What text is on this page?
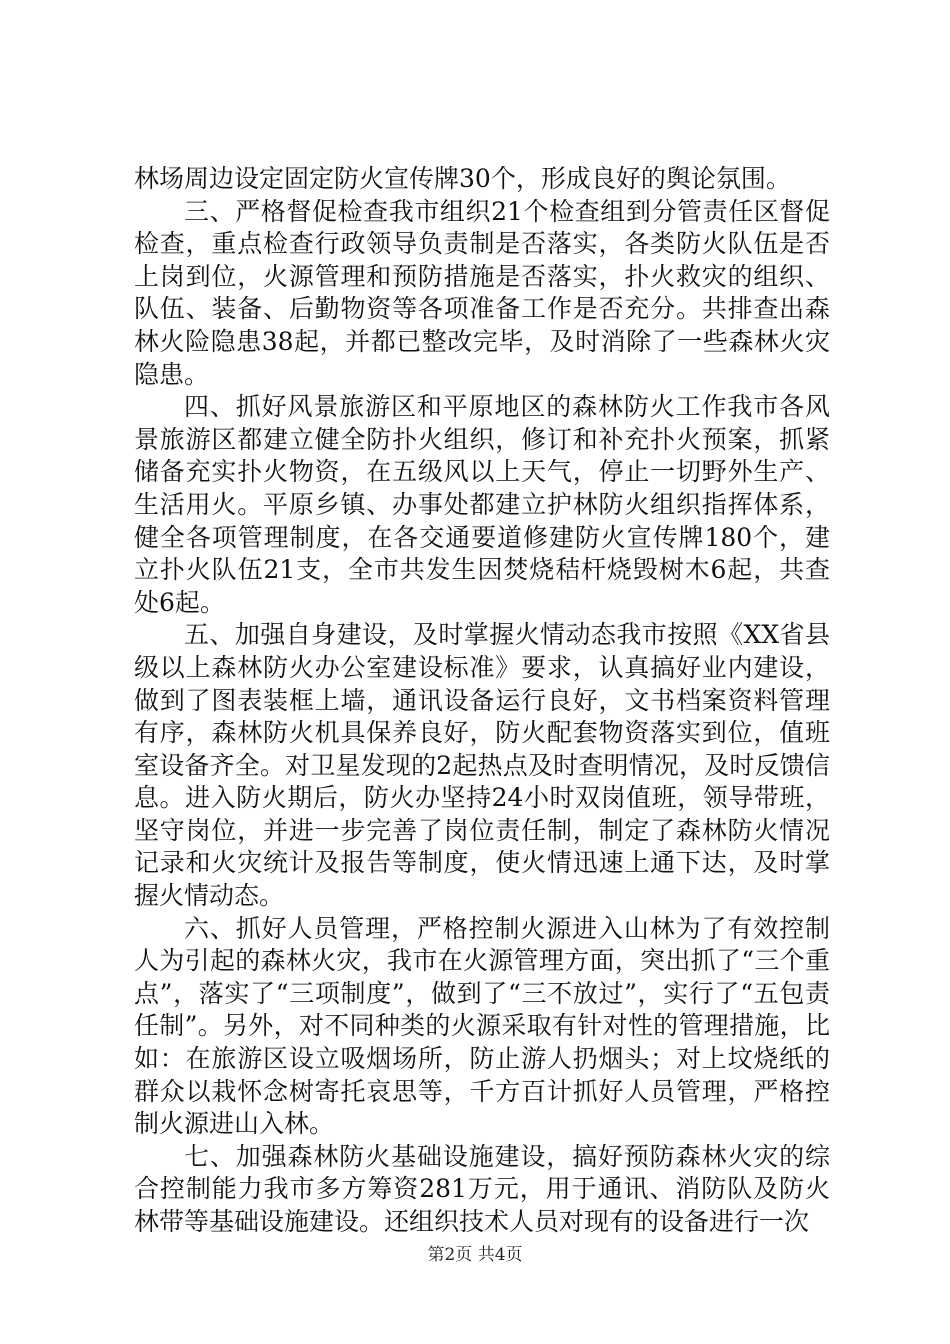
林场周边设定固定防火宣传牌30个，形成良好的舆论氛围。

三、严格督促检查我市组织21个检查组到分管责任区督促检查，重点检查行政领导负责制是否落实，各类防火队伍是否上岗到位，火源管理和预防措施是否落实，扑火救灾的组织、队伍、装备、后勤物资等各项准备工作是否充分。共排查出森林火险隐患38起，并都已整改完毕，及时消除了一些森林火灾隐患。

四、抓好风景旅游区和平原地区的森林防火工作我市各风景旅游区都建立健全防扑火组织，修订和补充扑火预案，抓紧储备充实扑火物资，在五级风以上天气，停止一切野外生产、生活用火。平原乡镇、办事处都建立护林防火组织指挥体系，健全各项管理制度，在各交通要道修建防火宣传牌180个，建立扑火队伍21支，全市共发生因焚烧秸杆烧毁树木6起，共查处6起。

五、加强自身建设，及时掌握火情动态我市按照《XX省县级以上森林防火办公室建设标准》要求，认真搞好业内建设，做到了图表装框上墙，通讯设备运行良好，文书档案资料管理有序，森林防火机具保养良好，防火配套物资落实到位，值班室设备齐全。对卫星发现的2起热点及时查明情况，及时反馈信息。进入防火期后，防火办坚持24小时双岗值班，领导带班，坚守岗位，并进一步完善了岗位责任制，制定了森林防火情况记录和火灾统计及报告等制度，使火情迅速上通下达，及时掌握火情动态。

六、抓好人员管理，严格控制火源进入山林为了有效控制人为引起的森林火灾，我市在火源管理方面，突出抓了“三个重点”，落实了“三项制度”，做到了“三不放过”，实行了“五包责任制”。另外，对不同种类的火源采取有针对性的管理措施，比如：在旅游区设立吸烟场所，防止游人扔烟头；对上坟烧纸的群众以栽怀念树寄托哀思等，千方百计抓好人员管理，严格控制火源进山入林。

七、加强森林防火基础设施建设，搞好预防森林火灾的综合控制能力我市多方筹资281万元，用于通讯、消防队及防火林带等基础设施建设。还组织技术人员对现有的设备进行一次

第2页 共4页
